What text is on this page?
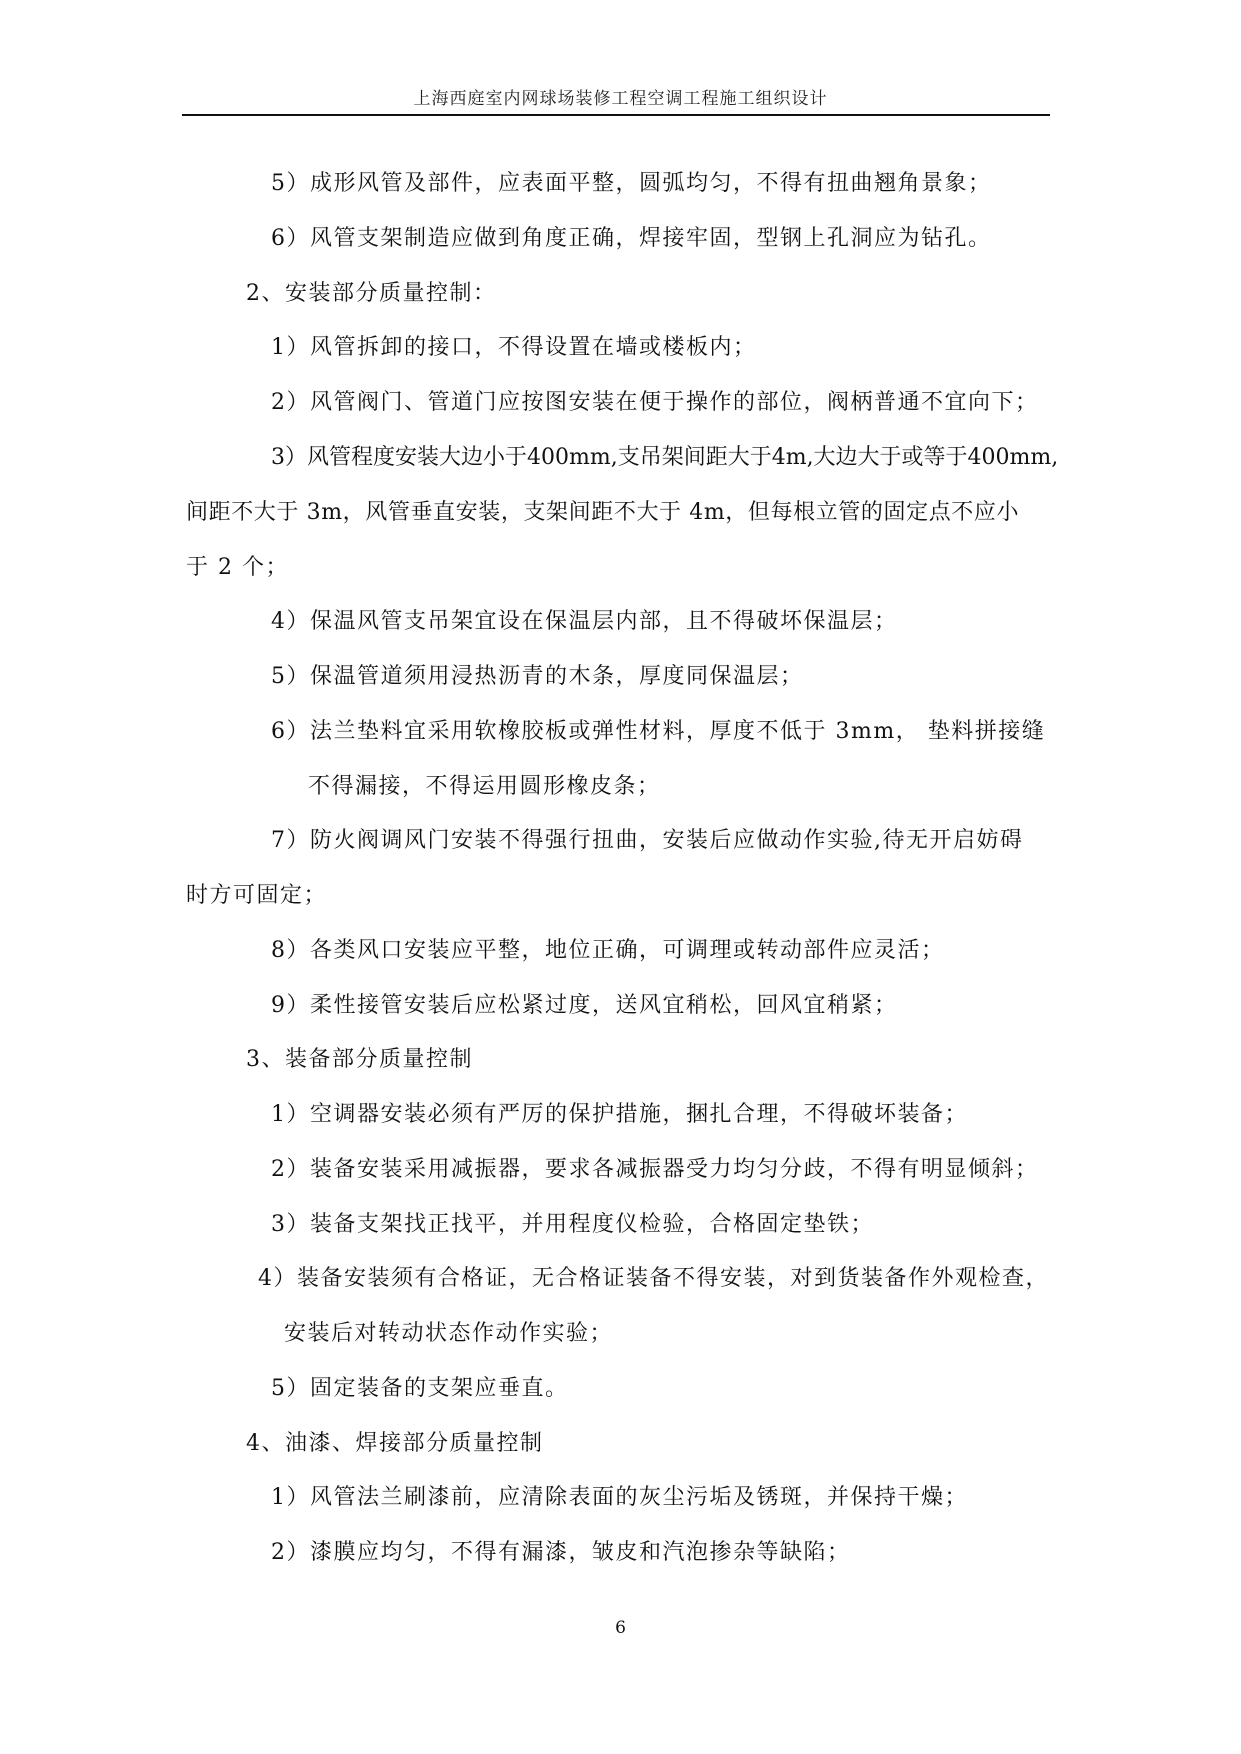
上海西庭室内网球场装修工程空调工程施工组织设计
5）成形风管及部件，应表面平整，圆弧均匀，不得有扭曲翘角景象；
6）风管支架制造应做到角度正确，焊接牢固，型钢上孔洞应为钻孔。
2、安装部分质量控制：
1）风管拆卸的接口，不得设置在墙或楼板内；
2）风管阀门、管道门应按图安装在便于操作的部位，阀柄普通不宜向下；
3）风管程度安装大边小于400mm,支吊架间距大于4m,大边大于或等于400mm,
间距不大于 3m，风管垂直安装，支架间距不大于 4m，但每根立管的固定点不应小
于 2 个；
4）保温风管支吊架宜设在保温层内部，且不得破坏保温层；
5）保温管道须用浸热沥青的木条，厚度同保温层；
6）法兰垫料宜采用软橡胶板或弹性材料，厚度不低于 3mm， 垫料拼接缝
不得漏接，不得运用圆形橡皮条；
7）防火阀调风门安装不得强行扭曲，安装后应做动作实验,待无开启妨碍
时方可固定；
8）各类风口安装应平整，地位正确，可调理或转动部件应灵活；
9）柔性接管安装后应松紧过度，送风宜稍松，回风宜稍紧；
3、装备部分质量控制
1）空调器安装必须有严厉的保护措施，捆扎合理，不得破坏装备；
2）装备安装采用减振器，要求各减振器受力均匀分歧，不得有明显倾斜；
3）装备支架找正找平，并用程度仪检验，合格固定垫铁；
4）装备安装须有合格证，无合格证装备不得安装，对到货装备作外观检查，
安装后对转动状态作动作实验；
5）固定装备的支架应垂直。
4、油漆、焊接部分质量控制
1）风管法兰刷漆前，应清除表面的灰尘污垢及锈斑，并保持干燥；
2）漆膜应均匀，不得有漏漆，皱皮和汽泡掺杂等缺陷；
6
